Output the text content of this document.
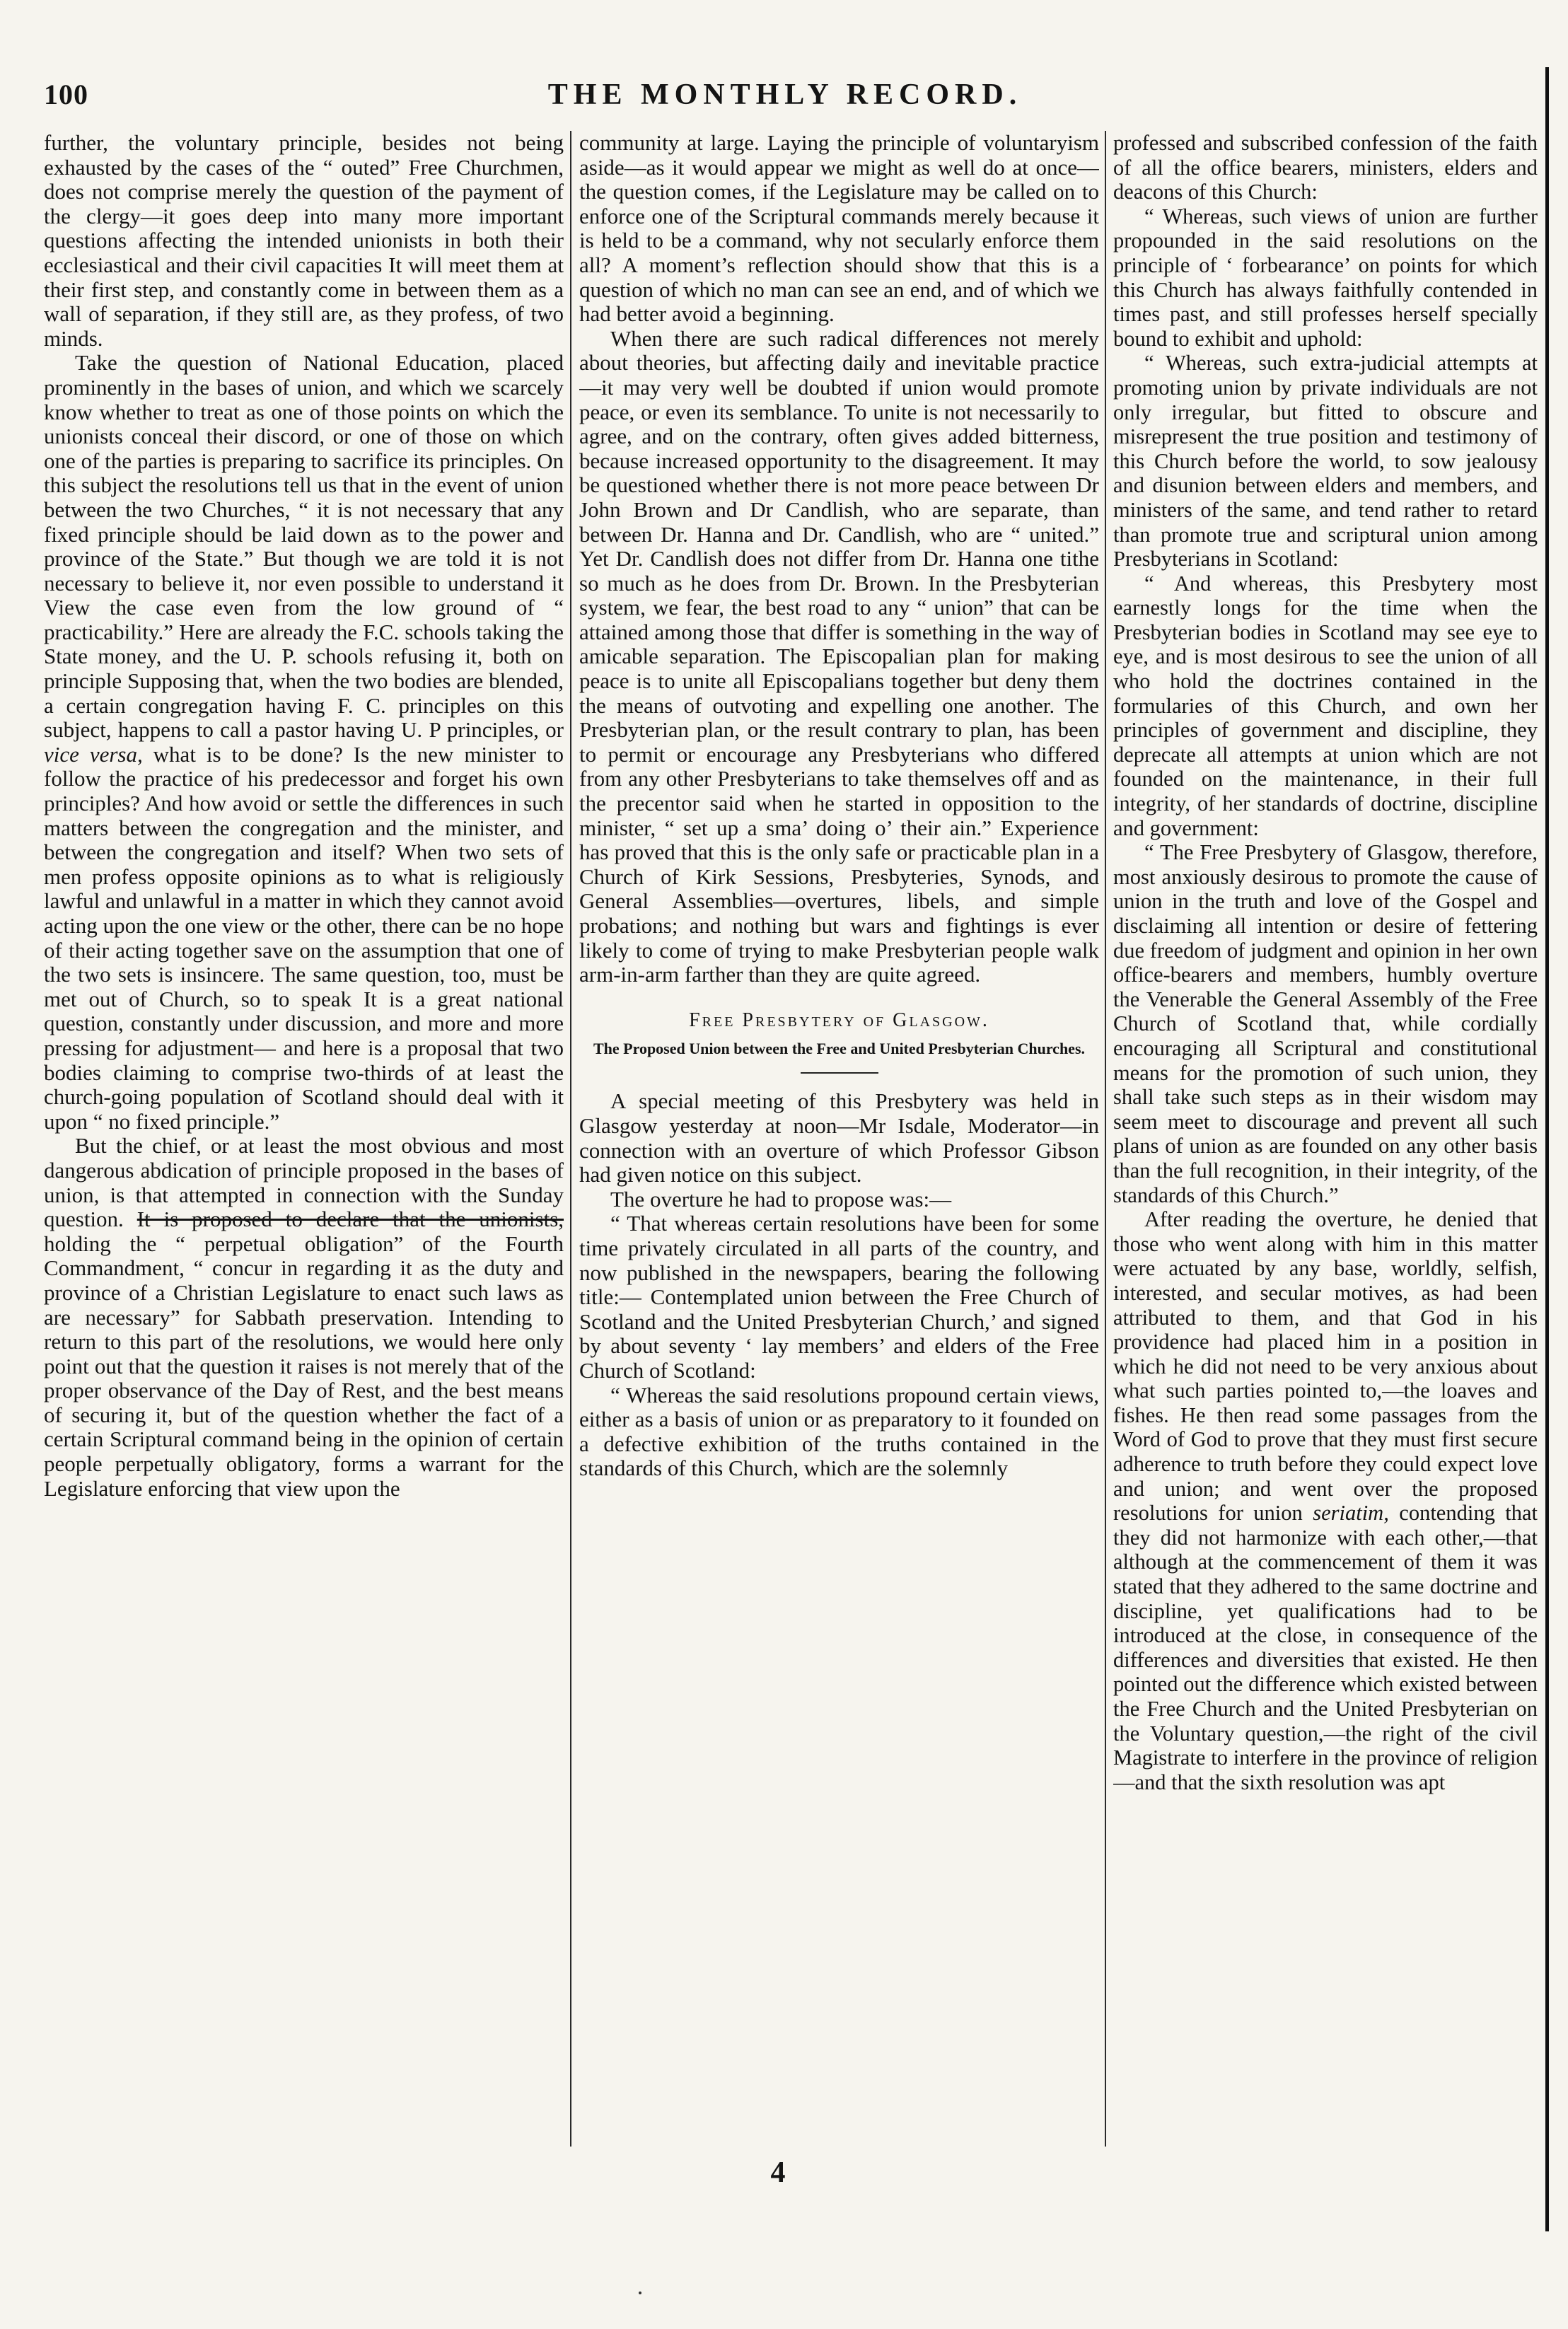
100	THE MONTHLY RECORD.

further, the voluntary principle, besides not being exhausted by the cases of the “ outed” Free Churchmen, does not comprise merely the question of the payment of the clergy—it goes deep into many more important questions affecting the intended unionists in both their ecclesiastical and their civil capacities It will meet them at their first step, and constantly come in between them as a wall of separation, if they still are, as they profess, of two minds.

Take the question of National Education, placed prominently in the bases of union, and which we scarcely know whether to treat as one of those points on which the unionists conceal their discord, or one of those on which one of the parties is preparing to sacrifice its principles. On this subject the resolutions tell us that in the event of union between the two Churches, “ it is not necessary that any fixed principle should be laid down as to the power and province of the State.” But though we are told it is not necessary to believe it, nor even possible to understand it View the case even from the low ground of “ practicability.” Here are already the F.C. schools taking the State money, and the U. P. schools refusing it, both on principle Supposing that, when the two bodies are blended, a certain congregation having F. C. principles on this subject, happens to call a pastor having U. P principles, or vice versa, what is to be done? Is the new minister to follow the practice of his predecessor and forget his own principles? And how avoid or settle the differences in such matters between the congregation and the minister, and between the congregation and itself? When two sets of men profess opposite opinions as to what is religiously lawful and unlawful in a matter in which they cannot avoid acting upon the one view or the other, there can be no hope of their acting together save on the assumption that one of the two sets is insincere. The same question, too, must be met out of Church, so to speak It is a great national question, constantly under discussion, and more and more pressing for adjustment— and here is a proposal that two bodies claiming to comprise two-thirds of at least the church-going population of Scotland should deal with it upon “ no fixed principle.”

But the chief, or at least the most obvious and most dangerous abdication of principle proposed in the bases of union, is that attempted in connection with the Sunday question. It is proposed to declare that the unionists, holding the “ perpetual obligation” of the Fourth Commandment, “ concur in regarding it as the duty and province of a Christian Legislature to enact such laws as are necessary” for Sabbath preservation. Intending to return to this part of the resolutions, we would here only point out that the question it raises is not merely that of the proper observance of the Day of Rest, and the best means of securing it, but of the question whether the fact of a certain Scriptural command being in the opinion of certain people perpetually obligatory, forms a warrant for the Legislature enforcing that view upon the

community at large. Laying the principle of voluntaryism aside—as it would appear we might as well do at once—the question comes, if the Legislature may be called on to enforce one of the Scriptural commands merely because it is held to be a command, why not secularly enforce them all? A moment’s reflection should show that this is a question of which no man can see an end, and of which we had better avoid a beginning.

When there are such radical differences not merely about theories, but affecting daily and inevitable practice—it may very well be doubted if union would promote peace, or even its semblance. To unite is not necessarily to agree, and on the contrary, often gives added bitterness, because increased opportunity to the disagreement. It may be questioned whether there is not more peace between Dr John Brown and Dr Candlish, who are separate, than between Dr. Hanna and Dr. Candlish, who are “ united.” Yet Dr. Candlish does not differ from Dr. Hanna one tithe so much as he does from Dr. Brown. In the Presbyterian system, we fear, the best road to any “ union” that can be attained among those that differ is something in the way of amicable separation. The Episcopalian plan for making peace is to unite all Episcopalians together but deny them the means of outvoting and expelling one another. The Presbyterian plan, or the result contrary to plan, has been to permit or encourage any Presbyterians who differed from any other Presbyterians to take themselves off and as the precentor said when he started in opposition to the minister, “ set up a sma’ doing o’ their ain.” Experience has proved that this is the only safe or practicable plan in a Church of Kirk Sessions, Presbyteries, Synods, and General Assemblies—overtures, libels, and simple probations; and nothing but wars and fightings is ever likely to come of trying to make Presbyterian people walk arm-in-arm farther than they are quite agreed.

Free Presbytery of Glasgow.
The Proposed Union between the Free and United Presbyterian Churches.

A special meeting of this Presbytery was held in Glasgow yesterday at noon—Mr Isdale, Moderator—in connection with an overture of which Professor Gibson had given notice on this subject.

The overture he had to propose was:—

“ That whereas certain resolutions have been for some time privately circulated in all parts of the country, and now published in the newspapers, bearing the following title:— Contemplated union between the Free Church of Scotland and the United Presbyterian Church,’ and signed by about seventy ‘ lay members’ and elders of the Free Church of Scotland:

“ Whereas the said resolutions propound certain views, either as a basis of union or as preparatory to it founded on a defective exhibition of the truths contained in the standards of this Church, which are the solemnly

professed and subscribed confession of the faith of all the office bearers, ministers, elders and deacons of this Church:

“ Whereas, such views of union are further propounded in the said resolutions on the principle of ‘ forbearance’ on points for which this Church has always faithfully contended in times past, and still professes herself specially bound to exhibit and uphold:

“ Whereas, such extra-judicial attempts at promoting union by private individuals are not only irregular, but fitted to obscure and misrepresent the true position and testimony of this Church before the world, to sow jealousy and disunion between elders and members, and ministers of the same, and tend rather to retard than promote true and scriptural union among Presbyterians in Scotland:

“ And whereas, this Presbytery most earnestly longs for the time when the Presbyterian bodies in Scotland may see eye to eye, and is most desirous to see the union of all who hold the doctrines contained in the formularies of this Church, and own her principles of government and discipline, they deprecate all attempts at union which are not founded on the maintenance, in their full integrity, of her standards of doctrine, discipline and government:

“ The Free Presbytery of Glasgow, therefore, most anxiously desirous to promote the cause of union in the truth and love of the Gospel and disclaiming all intention or desire of fettering due freedom of judgment and opinion in her own office-bearers and members, humbly overture the Venerable the General Assembly of the Free Church of Scotland that, while cordially encouraging all Scriptural and constitutional means for the promotion of such union, they shall take such steps as in their wisdom may seem meet to discourage and prevent all such plans of union as are founded on any other basis than the full recognition, in their integrity, of the standards of this Church.”

After reading the overture, he denied that those who went along with him in this matter were actuated by any base, worldly, selfish, interested, and secular motives, as had been attributed to them, and that God in his providence had placed him in a position in which he did not need to be very anxious about what such parties pointed to,—the loaves and fishes. He then read some passages from the Word of God to prove that they must first secure adherence to truth before they could expect love and union; and went over the proposed resolutions for union seriatim, contending that they did not harmonize with each other,—that although at the commencement of them it was stated that they adhered to the same doctrine and discipline, yet qualifications had to be introduced at the close, in consequence of the differences and diversities that existed. He then pointed out the difference which existed between the Free Church and the United Presbyterian on the Voluntary question,—the right of the civil Magistrate to interfere in the province of religion—and that the sixth resolution was apt

4
